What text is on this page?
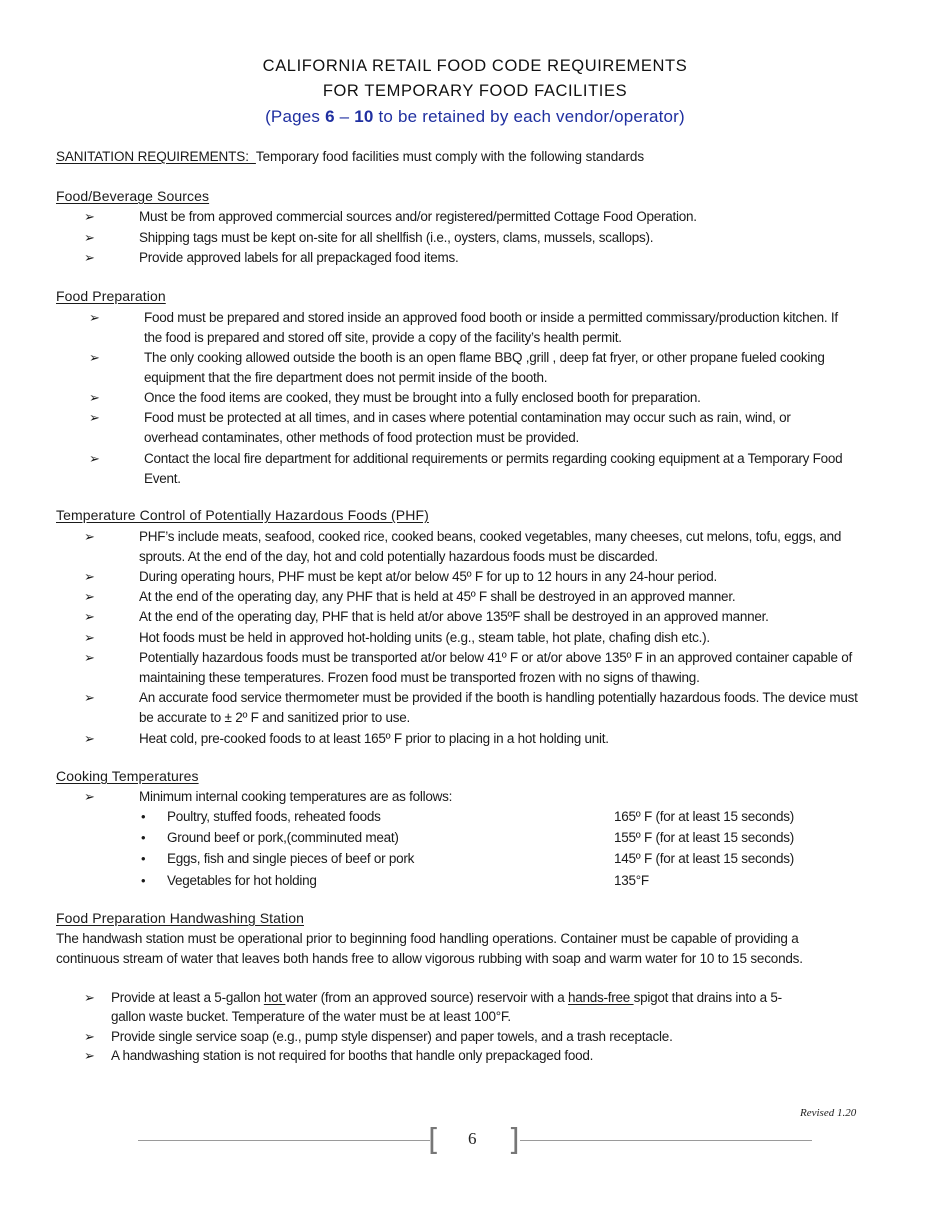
CALIFORNIA RETAIL FOOD CODE REQUIREMENTS
FOR TEMPORARY FOOD FACILITIES
(Pages 6 – 10 to be retained by each vendor/operator)
SANITATION REQUIREMENTS:  Temporary food facilities must comply with the following standards
Food/Beverage Sources
➢	Must be from approved commercial sources and/or registered/permitted Cottage Food Operation.
➢	Shipping tags must be kept on-site for all shellfish (i.e., oysters, clams, mussels, scallops).
➢	Provide approved labels for all prepackaged food items.
Food Preparation
➢	Food must be prepared and stored inside an approved food booth or inside a permitted commissary/production kitchen. If
the food is prepared and stored off site, provide a copy of the facility’s health permit.
➢	The only cooking allowed outside the booth is an open flame BBQ ,grill , deep fat fryer, or other propane fueled cooking
equipment that the fire department does not permit inside of the booth.
➢	Once the food items are cooked, they must be brought into a fully enclosed booth for preparation.
➢	Food must be protected at all times, and in cases where potential contamination may occur such as rain, wind, or
overhead contaminates, other methods of food protection must be provided.
➢	Contact the local fire department for additional requirements or permits regarding cooking equipment at a Temporary Food
Event.
Temperature Control of Potentially Hazardous Foods (PHF)
➢	PHF’s include meats, seafood, cooked rice, cooked beans, cooked vegetables, many cheeses, cut melons, tofu, eggs, and
sprouts. At the end of the day, hot and cold potentially hazardous foods must be discarded.
➢	During operating hours, PHF must be kept at/or below 45º F for up to 12 hours in any 24-hour period.
➢	At the end of the operating day, any PHF that is held at 45º F shall be destroyed in an approved manner.
➢	At the end of the operating day, PHF that is held at/or above 135ºF shall be destroyed in an approved manner.
➢	Hot foods must be held in approved hot-holding units (e.g., steam table, hot plate, chafing dish etc.).
➢	Potentially hazardous foods must be transported at/or below 41º F or at/or above 135º F in an approved container capable of
maintaining these temperatures. Frozen food must be transported frozen with no signs of thawing.
➢	An accurate food service thermometer must be provided if the booth is handling potentially hazardous foods. The device must
be accurate to ± 2º F and sanitized prior to use.
➢	Heat cold, pre-cooked foods to at least 165º F prior to placing in a hot holding unit.
Cooking Temperatures
➢	Minimum internal cooking temperatures are as follows:
• Poultry, stuffed foods, reheated foods	165º F (for at least 15 seconds)
• Ground beef or pork,(comminuted meat)	155º F (for at least 15 seconds)
• Eggs, fish and single pieces of beef or pork	145º F (for at least 15 seconds)
• Vegetables for hot holding	135°F
Food Preparation Handwashing Station
The handwash station must be operational prior to beginning food handling operations. Container must be capable of providing a
continuous stream of water that leaves both hands free to allow vigorous rubbing with soap and warm water for 10 to 15 seconds.
➢ Provide at least a 5-gallon hot water (from an approved source) reservoir with a hands-free spigot that drains into a 5-
gallon waste bucket. Temperature of the water must be at least 100°F.
➢ Provide single service soap (e.g., pump style dispenser) and paper towels, and a trash receptacle.
➢ A handwashing station is not required for booths that handle only prepackaged food.
Revised 1.20
[ 6 ]
